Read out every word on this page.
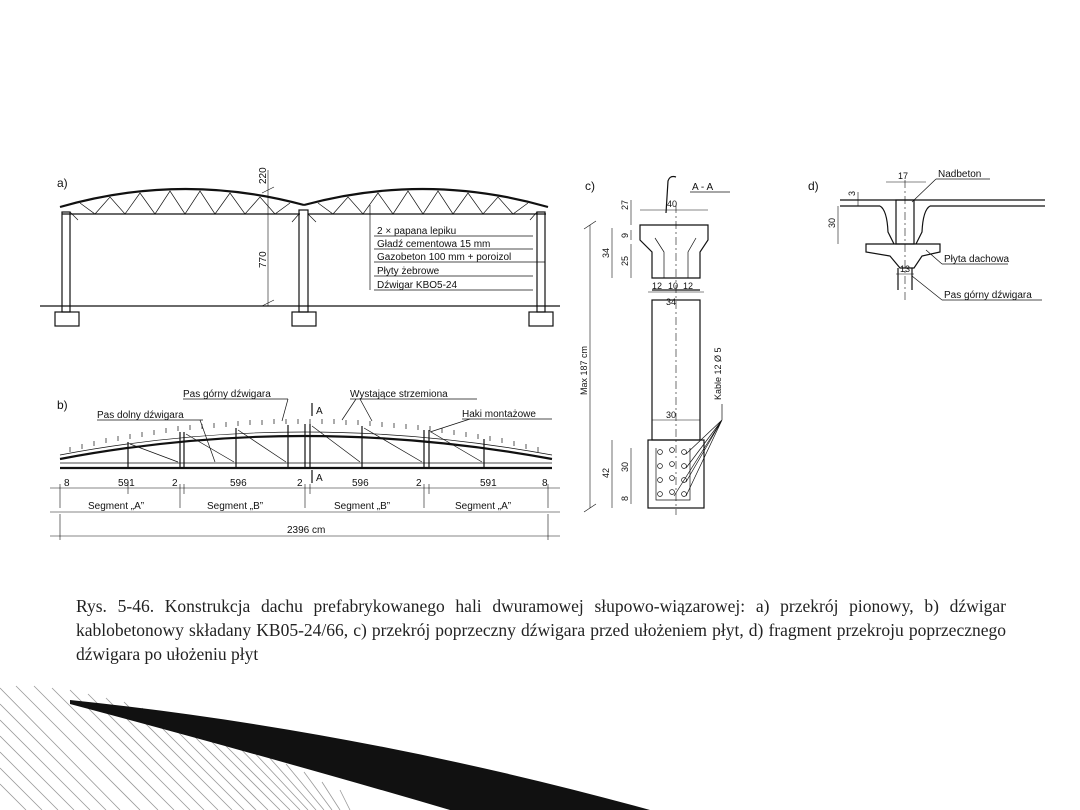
a)	220
770
2 × papana lepiku
Gładź cementowa 15 mm
Gazobeton 100 mm + poroizol
Płyty żebrowe
Dźwigar KBO5-24
b)	A
A
Pas górny dźwigara
Pas dolny dźwigara
Wystające strzemiona
Haki montażowe
8	591	2	596	2	596	2	591	8
Segment „A”	Segment „B”	Segment „B”	Segment „A”
2396 cm
c)	A - A
27	40
9
34
25
12 10 12
34
30
Max 187 cm
42
30
8
Kable 12 Ø 5
d)
17
3
30
13
Nadbeton
Płyta dachowa
Pas górny dźwigara
Rys. 5-46. Konstrukcja dachu prefabrykowanego hali dwuramowej słupowo-wiązarowej: a) przekrój pionowy, b) dźwigar kablobetonowy składany KB05-24/66, c) przekrój poprzeczny dźwigara przed ułożeniem płyt, d) fragment przekroju poprzecznego dźwigara po ułożeniu płyt
